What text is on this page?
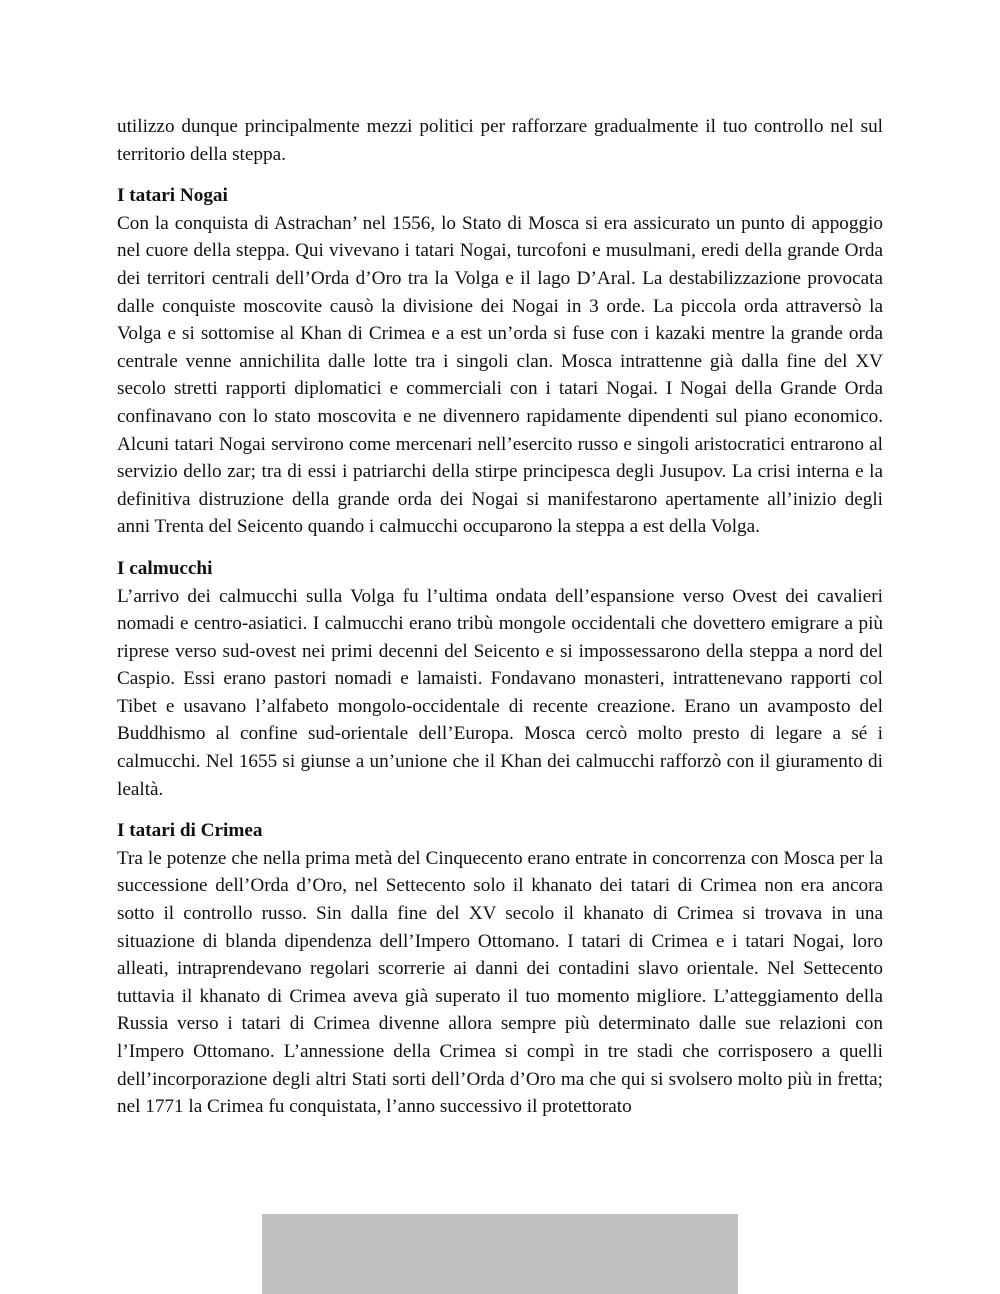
utilizzo dunque principalmente mezzi politici per rafforzare gradualmente il tuo controllo nel sul territorio della steppa.

I tatari Nogai

Con la conquista di Astrachan’ nel 1556, lo Stato di Mosca si era assicurato un punto di appoggio nel cuore della steppa. Qui vivevano i tatari Nogai, turcofoni e musulmani, eredi della grande Orda dei territori centrali dell’Orda d’Oro tra la Volga e il lago D’Aral. La destabilizzazione provocata dalle conquiste moscovite causò la divisione dei Nogai in 3 orde. La piccola orda attraversò la Volga e si sottomise al Khan di Crimea e a est un’orda si fuse con i kazaki mentre la grande orda centrale venne annichilita dalle lotte tra i singoli clan. Mosca intrattenne già dalla fine del XV secolo stretti rapporti diplomatici e commerciali con i tatari Nogai. I Nogai della Grande Orda confinavano con lo stato moscovita e ne divennero rapidamente dipendenti sul piano economico. Alcuni tatari Nogai servirono come mercenari nell’esercito russo e singoli aristocratici entrarono al servizio dello zar; tra di essi i patriarchi della stirpe principesca degli Jusupov. La crisi interna e la definitiva distruzione della grande orda dei Nogai si manifestarono apertamente all’inizio degli anni Trenta del Seicento quando i calmucchi occuparono la steppa a est della Volga.

I calmucchi

L’arrivo dei calmucchi sulla Volga fu l’ultima ondata dell’espansione verso Ovest dei cavalieri nomadi e centro-asiatici. I calmucchi erano tribù mongole occidentali che dovettero emigrare a più riprese verso sud-ovest nei primi decenni del Seicento e si impossessarono della steppa a nord del Caspio. Essi erano pastori nomadi e lamaisti. Fondavano monasteri, intrattenevano rapporti col Tibet e usavano l’alfabeto mongolo-occidentale di recente creazione. Erano un avamposto del Buddhismo al confine sud-orientale dell’Europa. Mosca cercò molto presto di legare a sé i calmucchi. Nel 1655 si giunse a un’unione che il Khan dei calmucchi rafforzò con il giuramento di lealtà.

I tatari di Crimea

Tra le potenze che nella prima metà del Cinquecento erano entrate in concorrenza con Mosca per la successione dell’Orda d’Oro, nel Settecento solo il khanato dei tatari di Crimea non era ancora sotto il controllo russo. Sin dalla fine del XV secolo il khanato di Crimea si trovava in una situazione di blanda dipendenza dell’Impero Ottomano. I tatari di Crimea e i tatari Nogai, loro alleati, intraprendevano regolari scorrerie ai danni dei contadini slavo orientale. Nel Settecento tuttavia il khanato di Crimea aveva già superato il tuo momento migliore. L’atteggiamento della Russia verso i tatari di Crimea divenne allora sempre più determinato dalle sue relazioni con l’Impero Ottomano. L’annessione della Crimea si compì in tre stadi che corrisposero a quelli dell’incorporazione degli altri Stati sorti dell’Orda d’Oro ma che qui si svolsero molto più in fretta; nel 1771 la Crimea fu conquistata, l’anno successivo il protettorato
